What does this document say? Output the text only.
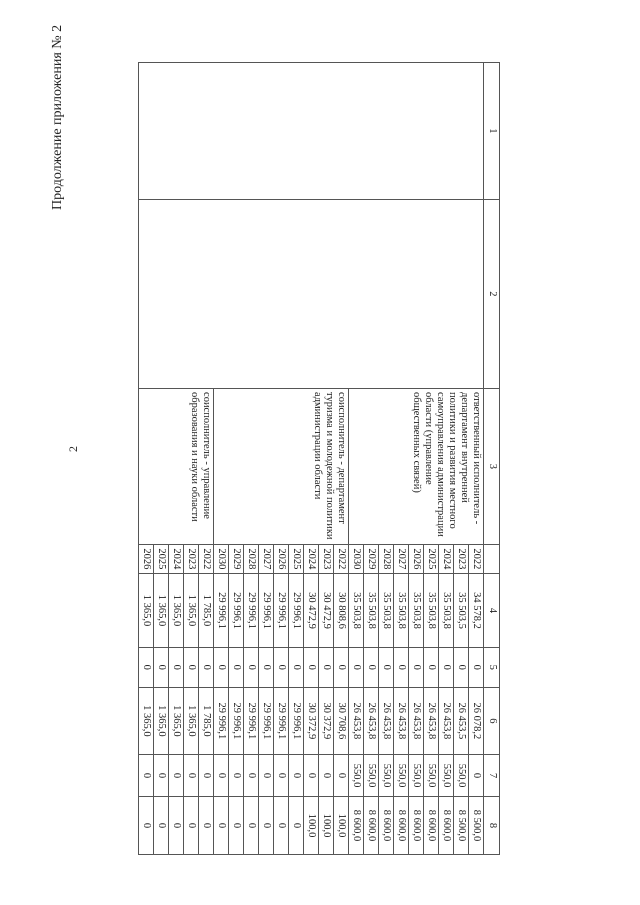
2
Продолжение приложения № 2	1	2	3		4	5	6	7	8
		ответственный исполнитель - департамент внутренней политики и развития местного самоуправления администрации области (управление общественных связей)	2022	34 578,2	0	26 078,2	0	8 500,0
			2023	35 503,5	0	26 453,5	550,0	8 500,0
			2024	35 503,8	0	26 453,8	550,0	8 600,0
			2025	35 503,8	0	26 453,8	550,0	8 600,0
			2026	35 503,8	0	26 453,8	550,0	8 600,0
			2027	35 503,8	0	26 453,8	550,0	8 600,0
			2028	35 503,8	0	26 453,8	550,0	8 600,0
			2029	35 503,8	0	26 453,8	550,0	8 600,0
			2030	35 503,8	0	26 453,8	550,0	8 600,0
		соисполнитель - департамент туризма и молодежной политики администрации области	2022	30 808,6	0	30 708,6	0	100,0
			2023	30 472,9	0	30 372,9	0	100,0
			2024	30 472,9	0	30 372,9	0	100,0
			2025	29 996,1	0	29 996,1	0	0
			2026	29 996,1	0	29 996,1	0	0
			2027	29 996,1	0	29 996,1	0	0
			2028	29 996,1	0	29 996,1	0	0
			2029	29 996,1	0	29 996,1	0	0
			2030	29 996,1	0	29 996,1	0	0
		соисполнитель - управление образования и науки области	2022	1 785,0	0	1 785,0	0	0
			2023	1 365,0	0	1 365,0	0	0
			2024	1 365,0	0	1 365,0	0	0
			2025	1 365,0	0	1 365,0	0	0
			2026	1 365,0	0	1 365,0	0	0
